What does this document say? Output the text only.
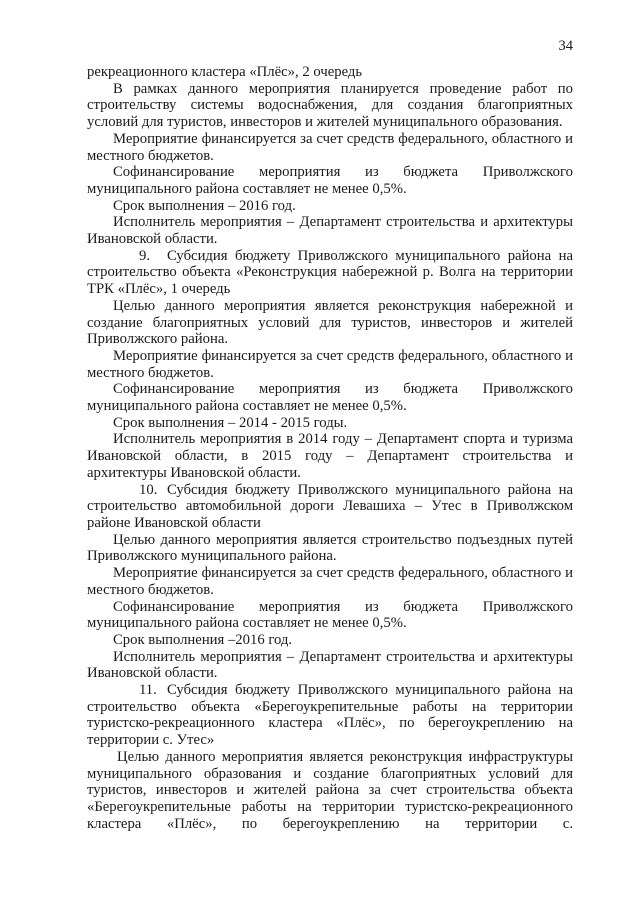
34

рекреационного кластера «Плёс», 2 очередь

В рамках данного мероприятия планируется проведение работ по строительству системы водоснабжения, для создания благоприятных условий для туристов, инвесторов и жителей муниципального образования.

Мероприятие финансируется за счет средств федерального, областного и местного бюджетов.

Софинансирование мероприятия из бюджета Приволжского муниципального района составляет не менее 0,5%.

Срок выполнения – 2016 год.

Исполнитель мероприятия – Департамент строительства и архитектуры Ивановской области.

9. Субсидия бюджету Приволжского муниципального района на строительство объекта «Реконструкция набережной р. Волга на территории ТРК «Плёс», 1 очередь

Целью данного мероприятия является реконструкция набережной и создание благоприятных условий для туристов, инвесторов и жителей Приволжского района.

Мероприятие финансируется за счет средств федерального, областного и местного бюджетов.

Софинансирование мероприятия из бюджета Приволжского муниципального района составляет не менее 0,5%.

Срок выполнения – 2014 - 2015 годы.

Исполнитель мероприятия в 2014 году – Департамент спорта и туризма Ивановской области, в 2015 году – Департамент строительства и архитектуры Ивановской области.

10. Субсидия бюджету Приволжского муниципального района на строительство автомобильной дороги Левашиха – Утес в Приволжском районе Ивановской области

Целью данного мероприятия является строительство подъездных путей Приволжского муниципального района.

Мероприятие финансируется за счет средств федерального, областного и местного бюджетов.

Софинансирование мероприятия из бюджета Приволжского муниципального района составляет не менее 0,5%.

Срок выполнения –2016 год.

Исполнитель мероприятия – Департамент строительства и архитектуры Ивановской области.

11. Субсидия бюджету Приволжского муниципального района на строительство объекта «Берегоукрепительные работы на территории туристско-рекреационного кластера «Плёс», по берегоукреплению на территории с. Утес»

Целью данного мероприятия является реконструкция инфраструктуры муниципального образования и создание благоприятных условий для туристов, инвесторов и жителей района за счет строительства объекта «Берегоукрепительные работы на территории туристско-рекреационного кластера «Плёс», по берегоукреплению на территории с.
